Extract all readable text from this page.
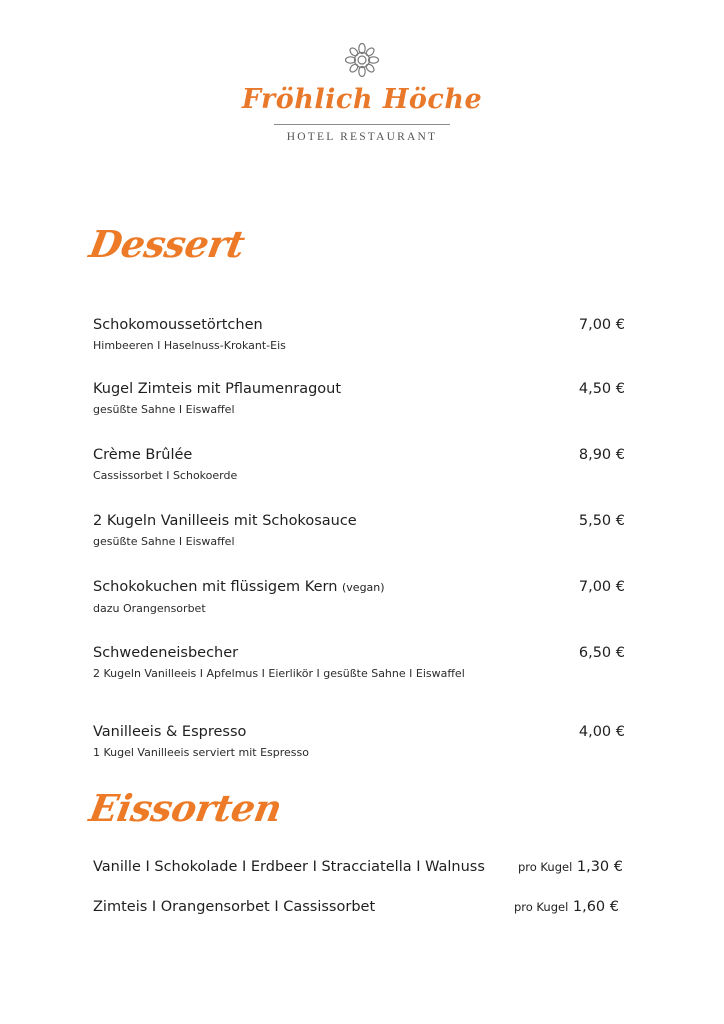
Fröhlich Höche
HOTEL RESTAURANT
Dessert
Schokomoussetörtchen
Himbeeren I Haselnuss-Krokant-Eis
7,00 €
Kugel Zimteis mit Pflaumenragout
gesüßte Sahne I Eiswaffel
4,50 €
Crème Brûlée
Cassissorbet I Schokoerde
8,90 €
2 Kugeln Vanilleeis mit Schokosauce
gesüßte Sahne I Eiswaffel
5,50 €
Schokokuchen mit flüssigem Kern (vegan)
dazu Orangensorbet
7,00 €
Schwedeneisbecher
2 Kugeln Vanilleeis I Apfelmus I Eierlikör I gesüßte Sahne I Eiswaffel
6,50 €
Vanilleeis & Espresso
1 Kugel Vanilleeis serviert mit Espresso
4,00 €
Eissorten
Vanille I Schokolade I Erdbeer I Stracciatella I Walnuss	pro Kugel 1,30 €
Zimteis I Orangensorbet I Cassissorbet	pro Kugel 1,60 €
